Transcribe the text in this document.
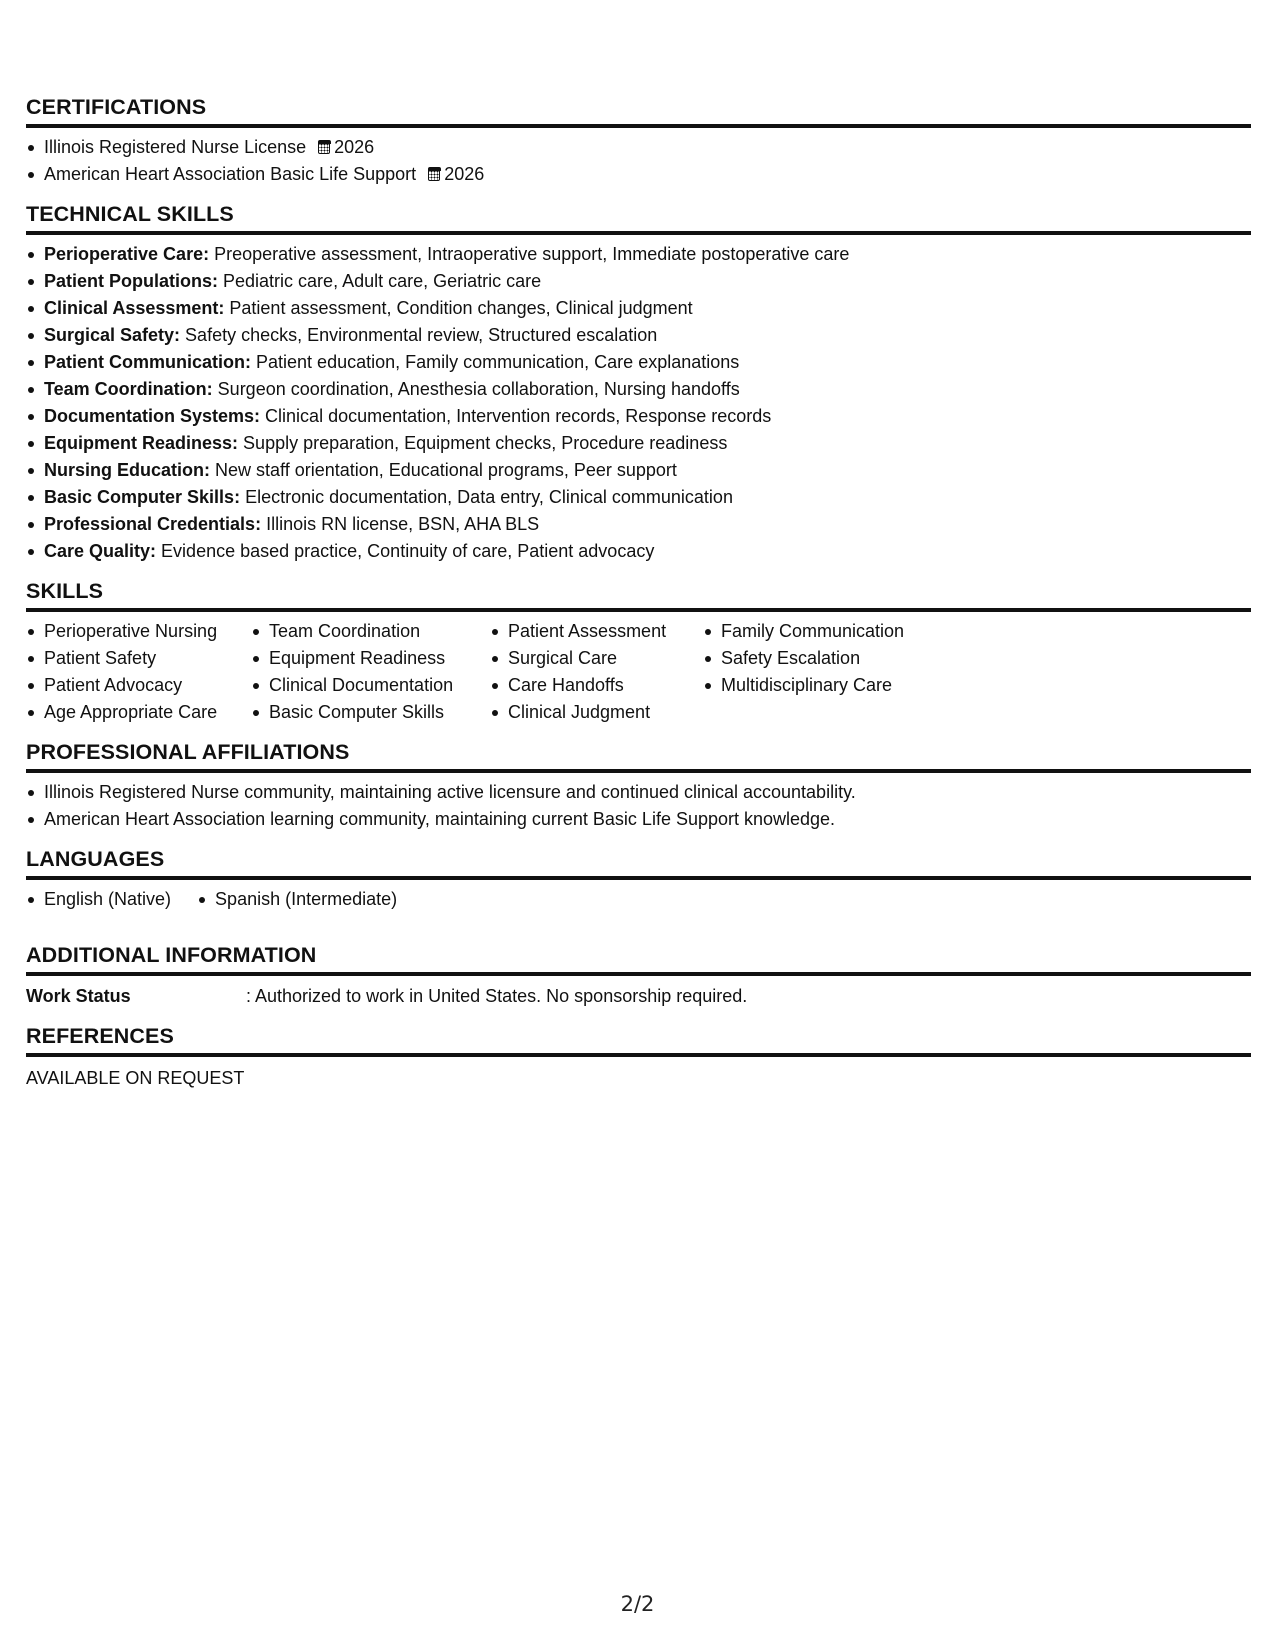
CERTIFICATIONS
Illinois Registered Nurse License 2026
American Heart Association Basic Life Support 2026
TECHNICAL SKILLS
Perioperative Care: Preoperative assessment, Intraoperative support, Immediate postoperative care
Patient Populations: Pediatric care, Adult care, Geriatric care
Clinical Assessment: Patient assessment, Condition changes, Clinical judgment
Surgical Safety: Safety checks, Environmental review, Structured escalation
Patient Communication: Patient education, Family communication, Care explanations
Team Coordination: Surgeon coordination, Anesthesia collaboration, Nursing handoffs
Documentation Systems: Clinical documentation, Intervention records, Response records
Equipment Readiness: Supply preparation, Equipment checks, Procedure readiness
Nursing Education: New staff orientation, Educational programs, Peer support
Basic Computer Skills: Electronic documentation, Data entry, Clinical communication
Professional Credentials: Illinois RN license, BSN, AHA BLS
Care Quality: Evidence based practice, Continuity of care, Patient advocacy
SKILLS
Perioperative Nursing
Patient Safety
Patient Advocacy
Age Appropriate Care
Team Coordination
Equipment Readiness
Clinical Documentation
Basic Computer Skills
Patient Assessment
Surgical Care
Care Handoffs
Clinical Judgment
Family Communication
Safety Escalation
Multidisciplinary Care
PROFESSIONAL AFFILIATIONS
Illinois Registered Nurse community, maintaining active licensure and continued clinical accountability.
American Heart Association learning community, maintaining current Basic Life Support knowledge.
LANGUAGES
English (Native)	Spanish (Intermediate)
ADDITIONAL INFORMATION
Work Status	: Authorized to work in United States. No sponsorship required.
REFERENCES
AVAILABLE ON REQUEST
2/2
